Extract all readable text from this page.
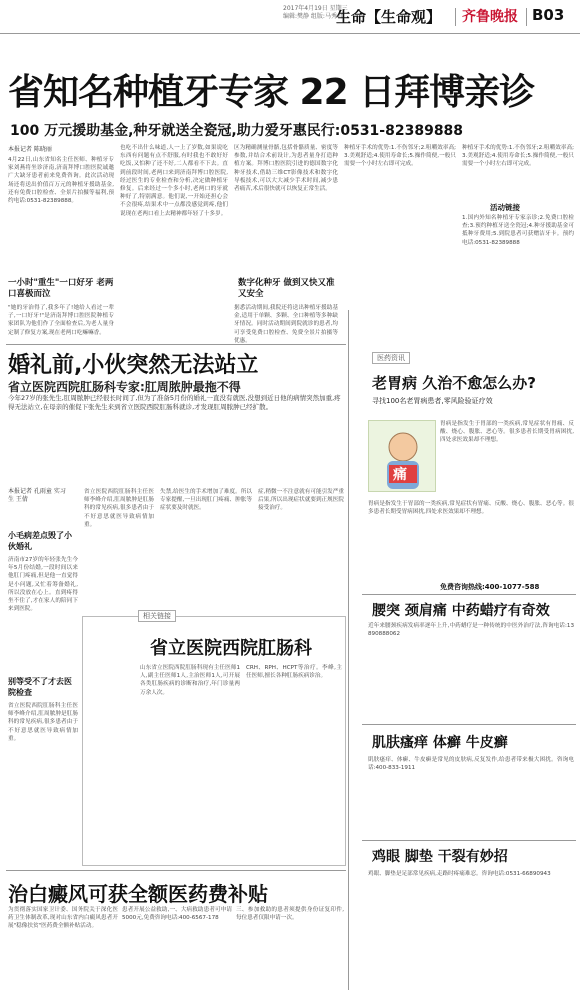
2017年4月19日 星期三
编辑:樊静 组版:马秀君
生命【生命观】 齐鲁晚报 B03
省知名种植牙专家 22 日拜博亲诊
100 万元援助基金,种牙就送全瓷冠,助力爱牙惠民行:0531-82389888
本报记者 陈晓丽
4月22日,山东省知名主任医师、种植牙专家刘燕将坐诊济南,济南拜博口腔医院诚邀广大缺牙患者前来免费咨询。此次活动现场还将送出价值百万元的种植牙援助基金,还有免费口腔检查、全景片拍摄等福利,预约电话:0531-82389888。
一小时"重生"一口好牙 老两口喜极而泣
"她的牙治得了,我多年了!她给人看过一辈子,一口好牙!"是济南拜博口腔医院种植专家团队为他们作了全面检查后,为老人量身定制了修复方案,现在老两口吃嘛嘛香。
也吃不出什么味道,人一上了岁数,如果说吃东西有问题有点不舒服,有时我也不敢好好吃饭,又怕种了还不好,二人都看不下去。直到前段时间,老两口来到济南拜博口腔医院,经过医生的专业检查和分析,决定做种植牙修复。后来经过一个多小时,老两口的牙就种好了,特别满意。他们说,一开始还担心会不会很疼,结果术中一点都没感觉到疼,他们说现在老两口看上去精神都年轻了十多岁。
区为精确测量骨骼,包括骨骼质量、密度等参数,并结合术前设计,为患者量身打造种植方案。拜博口腔医院引进的德国数字化种牙技术,借助三维CT影像技术和数字化导板技术,可以大大减少手术时间,减少患者痛苦,术后很快就可以恢复正常生活。
数字化种牙 做到又快又准又安全
据悉活动期间,我院还将送出种植牙援助基金,适用于单颗、多颗、全口种植等多种缺牙情况。同时活动期间到院就诊的患者,均可享受免费口腔检查、免费全景片拍摄等优惠。
种植牙手术的优势:1.不伤邻牙;2.咀嚼效率高;3.美观舒适;4.使用寿命长;5.操作简便,一般只需要一个小时左右即可完成。
活动链接
种植牙手术的优势:1.不伤邻牙;2.咀嚼效率高;3.美观舒适;4.使用寿命长;5.操作简便,一般只需要一个小时左右即可完成。
1.国内外知名种植牙专家亲诊;2.免费口腔检查;3.预约种植牙送全瓷冠;4.种牙援助基金可抵种牙费用;5.到院患者可获赠洁牙卡。预约电话:0531-82389888
婚礼前,小伙突然无法站立
省立医院西院肛肠科专家:肛周脓肿最拖不得
今年27岁的张先生,肛周脓肿已经很长时间了,但为了准备5月份的婚礼一直没有就医,没想到近日他的病情突然加重,疼得无法站立,在母亲的催促下张先生来到省立医院西院肛肠科就诊,才发现肛周脓肿已经扩散。
本报记者 孔雨童 实习生 王倩
小毛病差点毁了小伙婚礼
济南市27岁的年轻张先生今年5月份结婚,一段时间以来他肛门疼痛,但是他一直觉得是小问题,又忙着筹备婚礼,所以没放在心上。直到疼得坐不住了,才在家人的陪同下来到医院。
别等受不了才去医院检查
省立医院西院肛肠科主任医师李峰介绍,肛周脓肿是肛肠科的常见疾病,很多患者由于不好意思就医导致病情加重。
省立医院西院肛肠科主任医师李峰介绍,肛周脓肿是肛肠科的常见疾病,很多患者由于不好意思就医导致病情加重。
失禁,给医生的手术增加了难度。所以专家提醒,一旦出现肛门疼痛、肿胀等症状要及时就医。
症,稍微一不注意就有可能引发严重后果,所以出现症状就要到正规医院接受治疗。
相关链接
省立医院西院肛肠科
山东省立医院西院肛肠科现有主任医师1人,副主任医师1人,主治医师1人,可开展各类肛肠疾病的诊断和治疗,年门诊量两万余人次。
CRH、RPH、HCPT等治疗。李峰,主任医师,擅长各种肛肠疾病诊治。
治白癜风可获全额医药费补贴
为贯彻落实国家卫计委、国务院关于深化医药卫生体制改革,现对山东省内白癜风患者开展"稳像扶贫"医药费全额补贴活动。
患者开展公益救助,一、大病救助患者可申请5000元,免费咨询电话:400-6567-178
三、参加救助的患者须提供身份证复印件,每位患者仅限申请一次。
医药资讯
老胃病 久治不愈怎么办?
寻找100名老胃病患者,零风险验证疗效
痛
胃病是指发生于胃部的一类疾病,常见症状有胃痛、反酸、烧心、腹胀、恶心等。很多患者长期受胃病困扰,四处求医效果却不理想。
胃病是指发生于胃部的一类疾病,常见症状有胃痛、反酸、烧心、腹胀、恶心等。很多患者长期受胃病困扰,四处求医效果却不理想。
免费咨询热线:400-1077-588
腰突 颈肩痛 中药蜡疗有奇效
近年来腰颈疾病发病率逐年上升,中药蜡疗是一种传统的中医外治疗法,咨询电话:13890888062
肌肤瘙痒 体癣 牛皮癣
肌肤瘙痒、体癣、牛皮癣是常见的皮肤病,反复发作,给患者带来极大困扰。咨询电话:400-833-1911
鸡眼 脚垫 干裂有妙招
鸡眼、脚垫是足部常见疾病,走路时疼痛难忍。咨询电话:0531-66890943
